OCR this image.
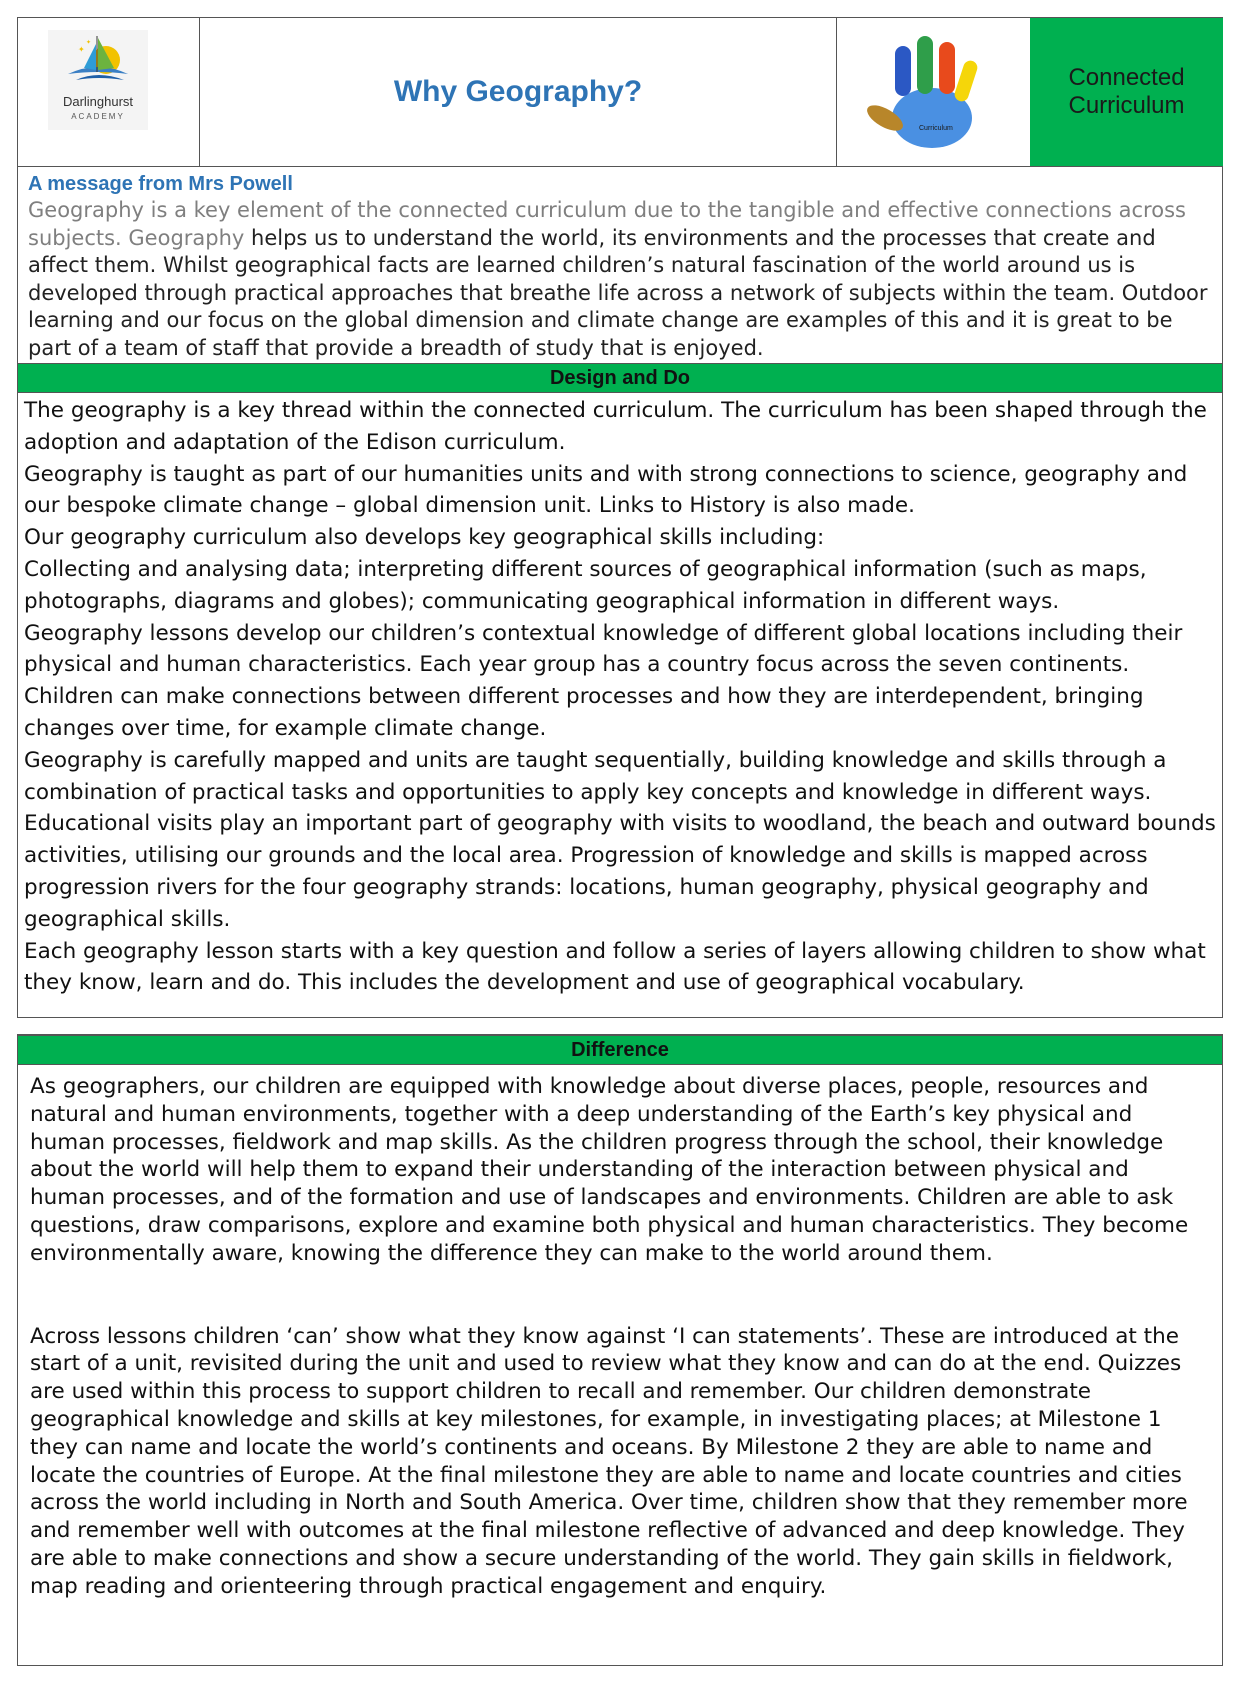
✦
✦
Darlinghurst
ACADEMY
Why Geography?
Curriculum
Connected Curriculum
A message from Mrs Powell
Geography is a key element of the connected curriculum due to the tangible and effective connections across subjects. Geography helps us to understand the world, its environments and the processes that create and affect them. Whilst geographical facts are learned children’s natural fascination of the world around us is developed through practical approaches that breathe life across a network of subjects within the team. Outdoor learning and our focus on the global dimension and climate change are examples of this and it is great to be part of a team of staff that provide a breadth of study that is enjoyed.
Design and Do

The geography is a key thread within the connected curriculum. The curriculum has been shaped through the adoption and adaptation of the Edison curriculum.

Geography is taught as part of our humanities units and with strong connections to science, geography and our bespoke climate change – global dimension unit. Links to History is also made.

Our geography curriculum also develops key geographical skills including:

Collecting and analysing data; interpreting different sources of geographical information (such as maps, photographs, diagrams and globes); communicating geographical information in different ways.

Geography lessons develop our children’s contextual knowledge of different global locations including their physical and human characteristics. Each year group has a country focus across the seven continents. Children can make connections between different processes and how they are interdependent, bringing changes over time, for example climate change.

Geography is carefully mapped and units are taught sequentially, building knowledge and skills through a combination of practical tasks and opportunities to apply key concepts and knowledge in different ways.

Educational visits play an important part of geography with visits to woodland, the beach and outward bounds activities, utilising our grounds and the local area. Progression of knowledge and skills is mapped across progression rivers for the four geography strands: locations, human geography, physical geography and geographical skills.

Each geography lesson starts with a key question and follow a series of layers allowing children to show what they know, learn and do. This includes the development and use of geographical vocabulary.

Difference

As geographers, our children are equipped with knowledge about diverse places, people, resources and natural and human environments, together with a deep understanding of the Earth’s key physical and human processes, fieldwork and map skills. As the children progress through the school, their knowledge about the world will help them to expand their understanding of the interaction between physical and human processes, and of the formation and use of landscapes and environments. Children are able to ask questions, draw comparisons, explore and examine both physical and human characteristics. They become environmentally aware, knowing the difference they can make to the world around them.

Across lessons children ‘can’ show what they know against ‘I can statements’. These are introduced at the start of a unit, revisited during the unit and used to review what they know and can do at the end. Quizzes are used within this process to support children to recall and remember. Our children demonstrate geographical knowledge and skills at key milestones, for example, in investigating places; at Milestone 1 they can name and locate the world’s continents and oceans. By Milestone 2 they are able to name and locate the countries of Europe. At the final milestone they are able to name and locate countries and cities across the world including in North and South America. Over time, children show that they remember more and remember well with outcomes at the final milestone reflective of advanced and deep knowledge. They are able to make connections and show a secure understanding of the world. They gain skills in fieldwork, map reading and orienteering through practical engagement and enquiry.
